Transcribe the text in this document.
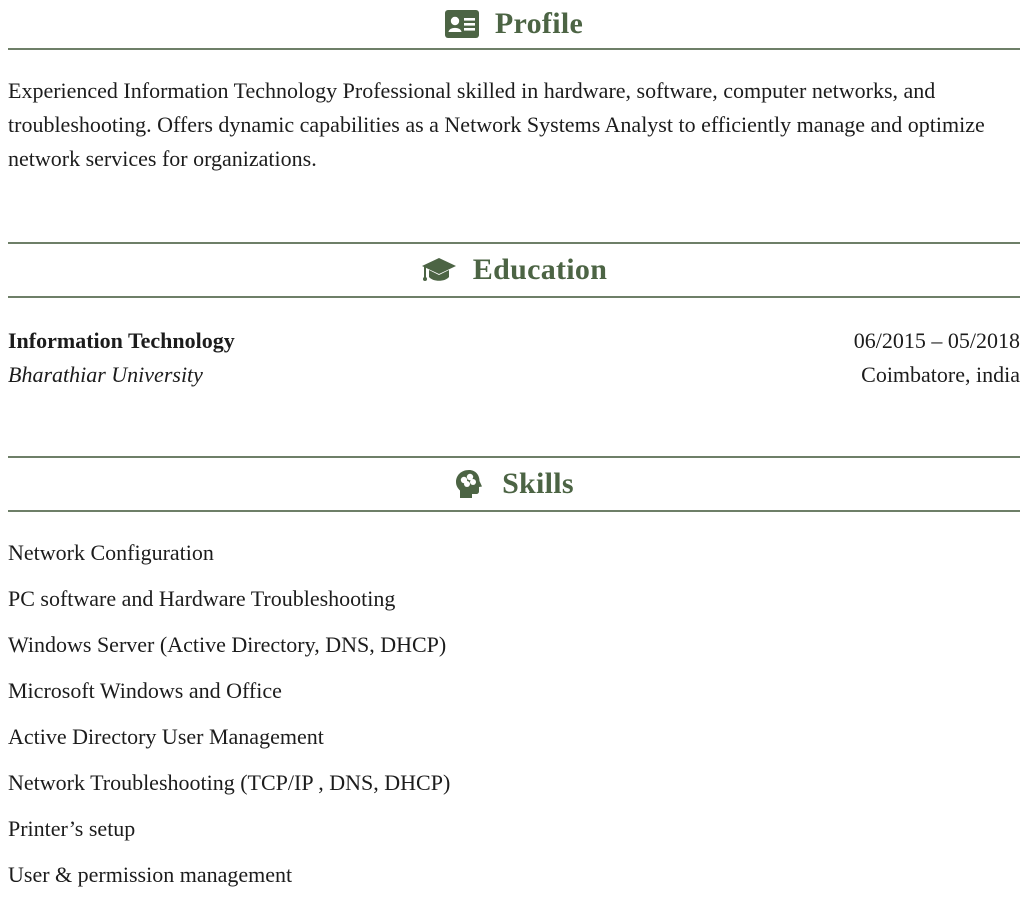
Profile
Experienced Information Technology Professional skilled in hardware, software, computer networks, and troubleshooting. Offers dynamic capabilities as a Network Systems Analyst to efficiently manage and optimize network services for organizations.
Education
Information Technology	06/2015 – 05/2018
Bharathiar University	Coimbatore, india
Skills
Network Configuration
PC software and Hardware Troubleshooting
Windows Server (Active Directory, DNS, DHCP)
Microsoft Windows and Office
Active Directory User Management
Network Troubleshooting (TCP/IP , DNS, DHCP)
Printer’s setup
User & permission management
